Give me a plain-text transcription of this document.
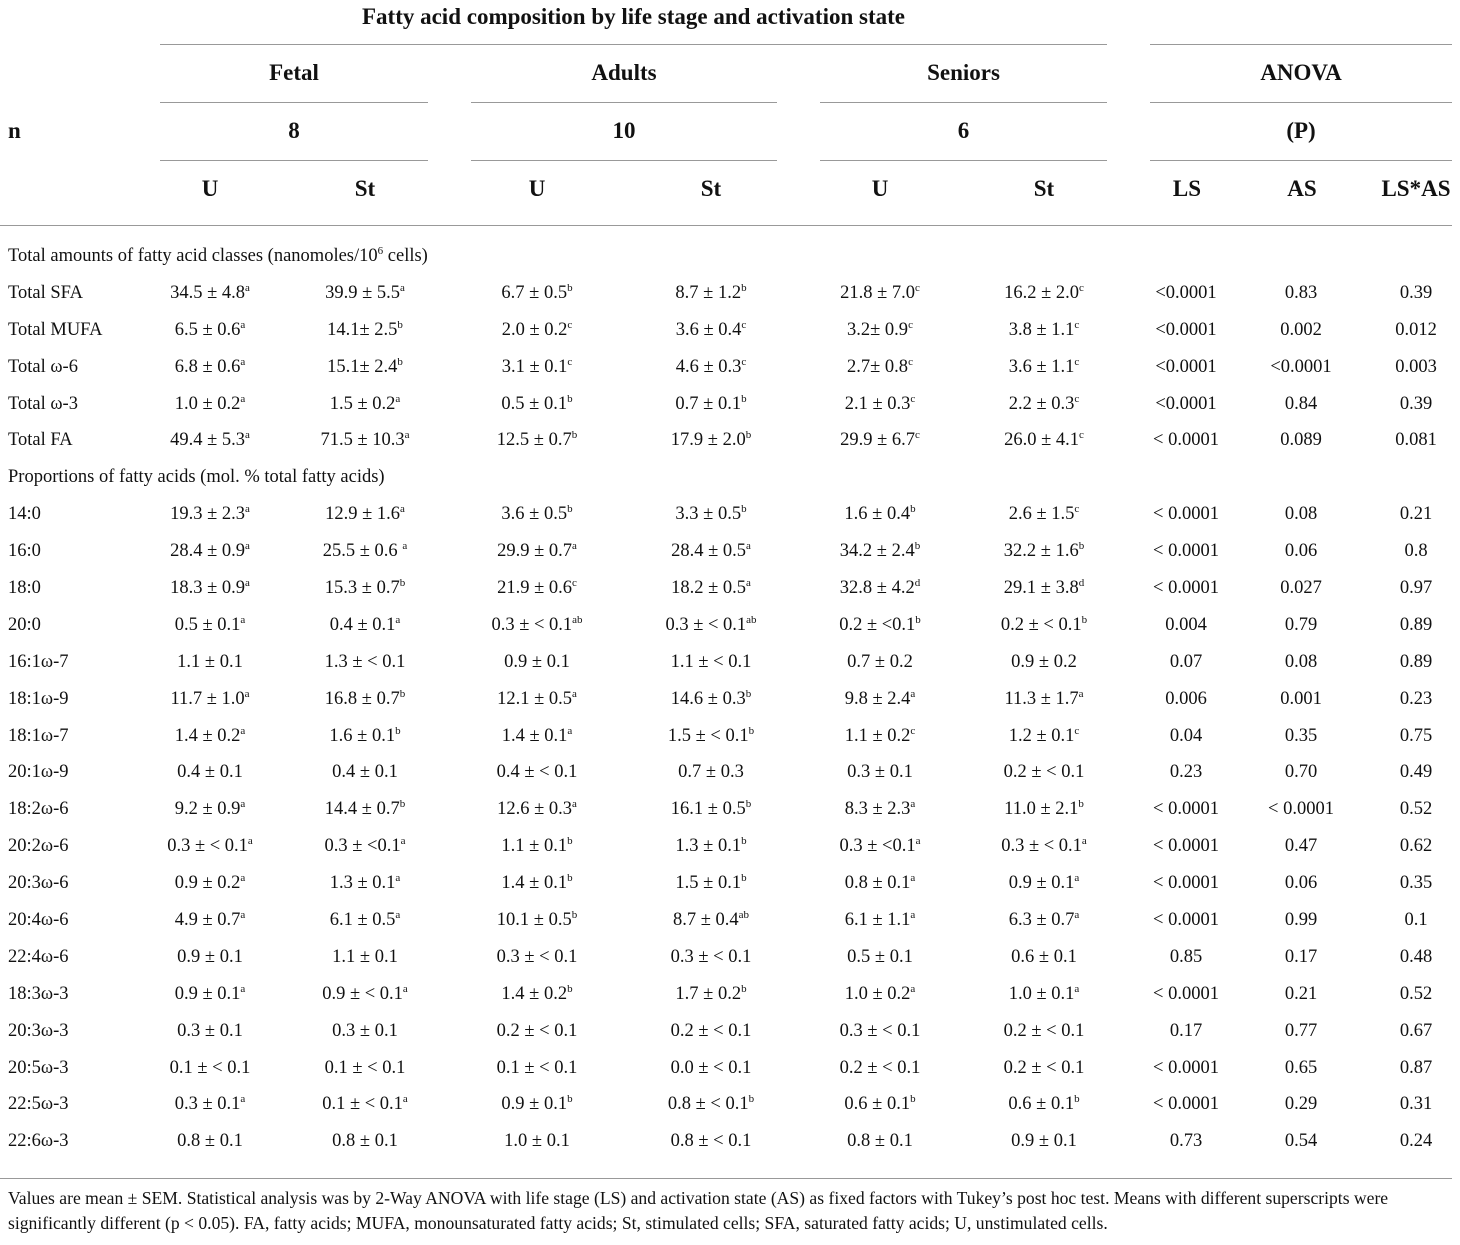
Fatty acid composition by life stage and activation state
Fetal	Adults	Seniors	ANOVA
n	8	10	6	(P)
U	St	U	St	U	St	LS	AS	LS*AS
Total amounts of fatty acid classes ($nanomoles/10^6$ cells)									
Total SFA	34.5 ± 4.8$^a$	39.9 ± 5.5$^a$	6.7 ± 0.5$^b$	8.7 ± 1.2$^b$	21.8 ± 7.0$^c$	16.2 ± 2.0$^c$	<0.0001	0.83	0.39
Total MUFA	6.5 ± 0.6$^a$	14.1± 2.5$^b$	2.0 ± 0.2$^c$	3.6 ± 0.4$^c$	3.2± 0.9$^c$	3.8 ± 1.1$^c$	<0.0001	0.002	0.012
Total ω-6	6.8 ± 0.6$^a$	15.1± 2.4$^b$	3.1 ± 0.1$^c$	4.6 ± 0.3$^c$	2.7± 0.8$^c$	3.6 ± 1.1$^c$	<0.0001	<0.0001	0.003
Total ω-3	1.0 ± 0.2$^a$	1.5 ± 0.2$^a$	0.5 ± 0.1$^b$	0.7 ± 0.1$^b$	2.1 ± 0.3$^c$	2.2 ± 0.3$^c$	<0.0001	0.84	0.39
Total FA	49.4 ± 5.3$^a$	71.5 ± 10.3$^a$	12.5 ± 0.7$^b$	17.9 ± 2.0$^b$	29.9 ± 6.7$^c$	26.0 ± 4.1$^c$	< 0.0001	0.089	0.081
Proportions of fatty acids (mol. % total fatty acids)									
14:0	19.3 ± 2.3$^a$	12.9 ± 1.6$^a$	3.6 ± 0.5$^b$	3.3 ± 0.5$^b$	1.6 ± 0.4$^b$	2.6 ± 1.5$^c$	< 0.0001	0.08	0.21
16:0	28.4 ± 0.9$^a$	25.5 ± 0.6 $^a$	29.9 ± 0.7$^a$	28.4 ± 0.5$^a$	34.2 ± 2.4$^b$	32.2 ± 1.6$^b$	< 0.0001	0.06	0.8
18:0	18.3 ± 0.9$^a$	15.3 ± 0.7$^b$	21.9 ± 0.6$^c$	18.2 ± 0.5$^a$	32.8 ± 4.2$^d$	29.1 ± 3.8$^d$	< 0.0001	0.027	0.97
20:0	0.5 ± 0.1$^a$	0.4 ± 0.1$^a$	0.3 ± < 0.1$^{ab}$	0.3 ± < 0.1$^{ab}$	0.2 ± <0.1$^b$	0.2 ± < 0.1$^b$	0.004	0.79	0.89
16:1ω-7	1.1 ± 0.1	1.3 ± < 0.1	0.9 ± 0.1	1.1 ± < 0.1	0.7 ± 0.2	0.9 ± 0.2	0.07	0.08	0.89
18:1ω-9	11.7 ± 1.0$^a$	16.8 ± 0.7$^b$	12.1 ± 0.5$^a$	14.6 ± 0.3$^b$	9.8 ± 2.4$^a$	11.3 ± 1.7$^a$	0.006	0.001	0.23
18:1ω-7	1.4 ± 0.2$^a$	1.6 ± 0.1$^b$	1.4 ± 0.1$^a$	1.5 ± < 0.1$^b$	1.1 ± 0.2$^c$	1.2 ± 0.1$^c$	0.04	0.35	0.75
20:1ω-9	0.4 ± 0.1	0.4 ± 0.1	0.4 ± < 0.1	0.7 ± 0.3	0.3 ± 0.1	0.2 ± < 0.1	0.23	0.70	0.49
18:2ω-6	9.2 ± 0.9$^a$	14.4 ± 0.7$^b$	12.6 ± 0.3$^a$	16.1 ± 0.5$^b$	8.3 ± 2.3$^a$	11.0 ± 2.1$^b$	< 0.0001	< 0.0001	0.52
20:2ω-6	0.3 ± < 0.1$^a$	0.3 ± <0.1$^a$	1.1 ± 0.1$^b$	1.3 ± 0.1$^b$	0.3 ± <0.1$^a$	0.3 ± < 0.1$^a$	< 0.0001	0.47	0.62
20:3ω-6	0.9 ± 0.2$^a$	1.3 ± 0.1$^a$	1.4 ± 0.1$^b$	1.5 ± 0.1$^b$	0.8 ± 0.1$^a$	0.9 ± 0.1$^a$	< 0.0001	0.06	0.35
20:4ω-6	4.9 ± 0.7$^a$	6.1 ± 0.5$^a$	10.1 ± 0.5$^b$	8.7 ± 0.4$^{ab}$	6.1 ± 1.1$^a$	6.3 ± 0.7$^a$	< 0.0001	0.99	0.1
22:4ω-6	0.9 ± 0.1	1.1 ± 0.1	0.3 ± < 0.1	0.3 ± < 0.1	0.5 ± 0.1	0.6 ± 0.1	0.85	0.17	0.48
18:3ω-3	0.9 ± 0.1$^a$	0.9 ± < 0.1$^a$	1.4 ± 0.2$^b$	1.7 ± 0.2$^b$	1.0 ± 0.2$^a$	1.0 ± 0.1$^a$	< 0.0001	0.21	0.52
20:3ω-3	0.3 ± 0.1	0.3 ± 0.1	0.2 ± < 0.1	0.2 ± < 0.1	0.3 ± < 0.1	0.2 ± < 0.1	0.17	0.77	0.67
20:5ω-3	0.1 ± < 0.1	0.1 ± < 0.1	0.1 ± < 0.1	0.0 ± < 0.1	0.2 ± < 0.1	0.2 ± < 0.1	< 0.0001	0.65	0.87
22:5ω-3	0.3 ± 0.1$^a$	0.1 ± < 0.1$^a$	0.9 ± 0.1$^b$	0.8 ± < 0.1$^b$	0.6 ± 0.1$^b$	0.6 ± 0.1$^b$	< 0.0001	0.29	0.31
22:6ω-3	0.8 ± 0.1	0.8 ± 0.1	1.0 ± 0.1	0.8 ± < 0.1	0.8 ± 0.1	0.9 ± 0.1	0.73	0.54	0.24
Values are mean ± SEM. Statistical analysis was by 2-Way ANOVA with life stage (LS) and activation state (AS) as fixed factors with Tukey’s post hoc test. Means with different superscripts were significantly different (p < 0.05). FA, fatty acids; MUFA, monounsaturated fatty acids; St, stimulated cells; SFA, saturated fatty acids; U, unstimulated cells.
